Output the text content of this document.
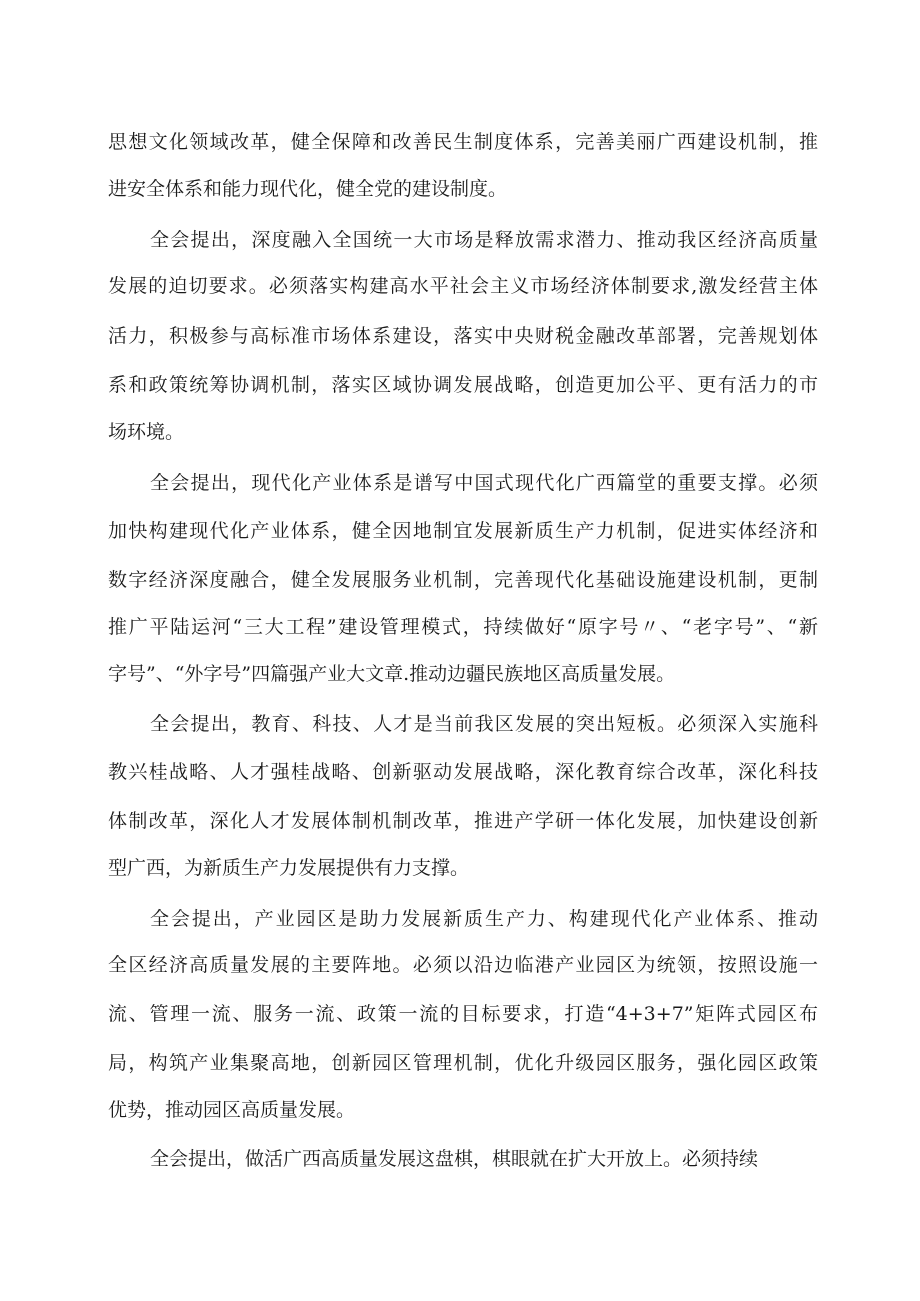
思想文化领域改革，健全保障和改善民生制度体系，完善美丽广西建设机制，推
进安全体系和能力现代化，健全党的建设制度。
全会提出，深度融入全国统一大市场是释放需求潜力、推动我区经济高质量
发展的迫切要求。必须落实构建高水平社会主义市场经济体制要求,激发经营主体
活力，积极参与高标准市场体系建设，落实中央财税金融改革部署，完善规划体
系和政策统筹协调机制，落实区域协调发展战略，创造更加公平、更有活力的市
场环境。
全会提出，现代化产业体系是谱写中国式现代化广西篇堂的重要支撑。必须
加快构建现代化产业体系，健全因地制宜发展新质生产力机制，促进实体经济和
数字经济深度融合，健全发展服务业机制，完善现代化基础设施建设机制，更制
推广平陆运河“三大工程”建设管理模式，持续做好“原字号〃、“老字号”、“新
字号”、“外字号”四篇强产业大文章.推动边疆民族地区高质量发展。
全会提出，教育、科技、人才是当前我区发展的突出短板。必须深入实施科
教兴桂战略、人才强桂战略、创新驱动发展战略，深化教育综合改革，深化科技
体制改革，深化人才发展体制机制改革，推进产学研一体化发展，加快建设创新
型广西，为新质生产力发展提供有力支撑。
全会提出，产业园区是助力发展新质生产力、构建现代化产业体系、推动
全区经济高质量发展的主要阵地。必须以沿边临港产业园区为统领，按照设施一
流、管理一流、服务一流、政策一流的目标要求，打造“4+3+7”矩阵式园区布
局，构筑产业集聚高地，创新园区管理机制，优化升级园区服务，强化园区政策
优势，推动园区高质量发展。
全会提出，做活广西高质量发展这盘棋，棋眼就在扩大开放上。必须持续
